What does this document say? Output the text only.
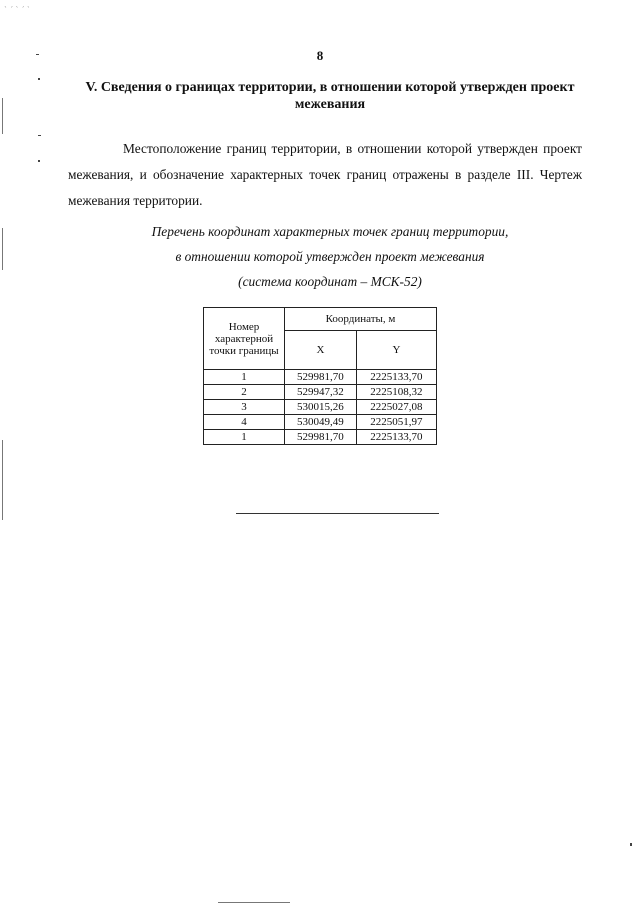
ˎ ˏ ˎ ˏ ˎ
8
V. Сведения о границах территории, в отношении которой утвержден проект межевания

Местоположение границ территории, в отношении которой утвержден проект межевания, и обозначение характерных точек границ отражены в разделе III. Чертеж межевания территории.

Перечень координат характерных точек границ территории,
в отношении которой утвержден проект межевания
(система координат – МСК-52)
Номер характерной точки границы	Координаты, м	
	X	Y
1	529981,70	2225133,70
2	529947,32	2225108,32
3	530015,26	2225027,08
4	530049,49	2225051,97
1	529981,70	2225133,70
